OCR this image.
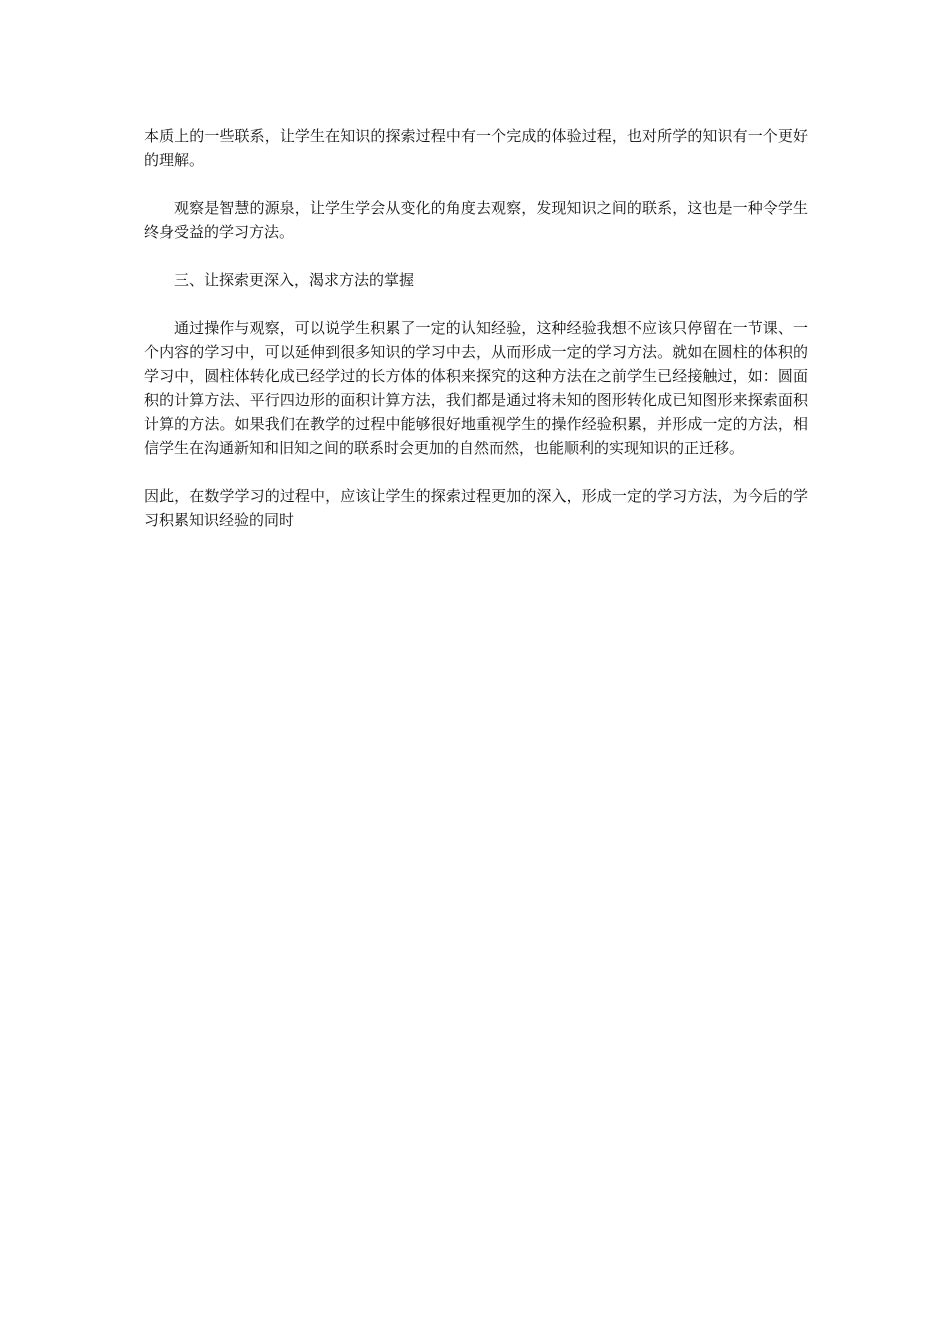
本质上的一些联系，让学生在知识的探索过程中有一个完成的体验过程，也对所学的知识有一个更好的理解。

观察是智慧的源泉，让学生学会从变化的角度去观察，发现知识之间的联系，这也是一种令学生终身受益的学习方法。

三、让探索更深入，渴求方法的掌握

通过操作与观察，可以说学生积累了一定的认知经验，这种经验我想不应该只停留在一节课、一个内容的学习中，可以延伸到很多知识的学习中去，从而形成一定的学习方法。就如在圆柱的体积的学习中，圆柱体转化成已经学过的长方体的体积来探究的这种方法在之前学生已经接触过，如：圆面积的计算方法、平行四边形的面积计算方法，我们都是通过将未知的图形转化成已知图形来探索面积计算的方法。如果我们在教学的过程中能够很好地重视学生的操作经验积累，并形成一定的方法，相信学生在沟通新知和旧知之间的联系时会更加的自然而然，也能顺利的实现知识的正迁移。

因此，在数学学习的过程中，应该让学生的探索过程更加的深入，形成一定的学习方法，为今后的学习积累知识经验的同时
